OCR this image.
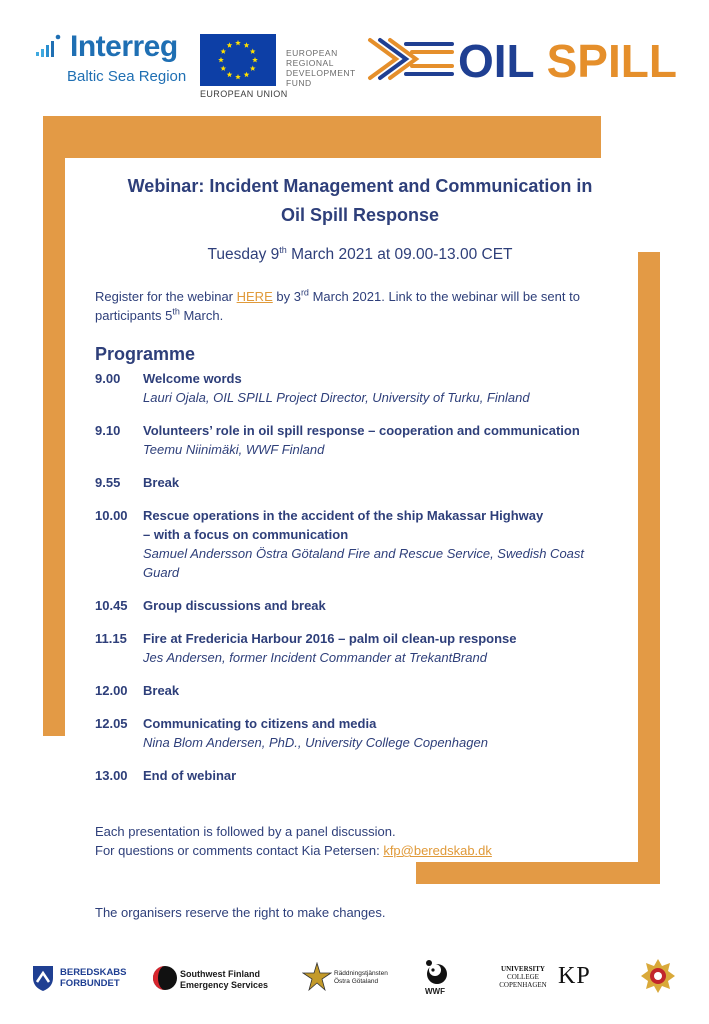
Interreg
Baltic Sea Region
EUROPEAN UNION
EUROPEAN
REGIONAL
DEVELOPMENT
FUND	OIL SPILL
Webinar: Incident Management and Communication in
Oil Spill Response
Tuesday 9th March 2021 at 09.00-13.00 CET
Register for the webinar HERE by 3rd March 2021. Link to the webinar will be sent to participants 5th March.
Programme
9.00	Welcome words
Lauri Ojala, OIL SPILL Project Director, University of Turku, Finland
9.10	Volunteers’ role in oil spill response – cooperation and communication
Teemu Niinimäki, WWF Finland
9.55	Break
10.00	Rescue operations in the accident of the ship Makassar Highway
– with a focus on communication
Samuel Andersson Östra Götaland Fire and Rescue Service, Swedish Coast
Guard
10.45	Group discussions and break
11.15	Fire at Fredericia Harbour 2016 – palm oil clean-up response
Jes Andersen, former Incident Commander at TrekantBrand
12.00	Break
12.05	Communicating to citizens and media
Nina Blom Andersen, PhD., University College Copenhagen
13.00	End of webinar
Each presentation is followed by a panel discussion.
For questions or comments contact Kia Petersen: kfp@beredskab.dk
The organisers reserve the right to make changes.
BEREDSKABS
FORBUNDET
Southwest Finland
Emergency Services
Räddningstjänsten
Östra Götaland
WWF
UNIVERSITY
COLLEGE
COPENHAGEN KP
